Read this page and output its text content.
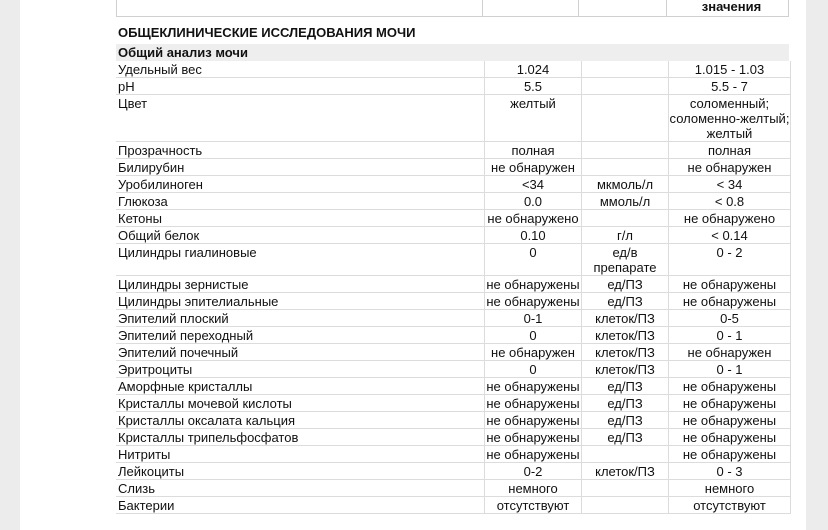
значения
ОБЩЕКЛИНИЧЕСКИЕ ИССЛЕДОВАНИЯ МОЧИ
Общий анализ мочи
Удельный вес	1.024		1.015 - 1.03
pH	5.5		5.5 - 7
Цвет	желтый		соломенный; соломенно-желтый; желтый
Прозрачность	полная		полная
Билирубин	не обнаружен		не обнаружен
Уробилиноген	<34	мкмоль/л	< 34
Глюкоза	0.0	ммоль/л	< 0.8
Кетоны	не обнаружено		не обнаружено
Общий белок	0.10	г/л	< 0.14
Цилиндры гиалиновые	0	ед/в препарате	0 - 2
Цилиндры зернистые	не обнаружены	ед/ПЗ	не обнаружены
Цилиндры эпителиальные	не обнаружены	ед/ПЗ	не обнаружены
Эпителий плоский	0-1	клеток/ПЗ	0-5
Эпителий переходный	0	клеток/ПЗ	0 - 1
Эпителий почечный	не обнаружен	клеток/ПЗ	не обнаружен
Эритроциты	0	клеток/ПЗ	0 - 1
Аморфные кристаллы	не обнаружены	ед/ПЗ	не обнаружены
Кристаллы мочевой кислоты	не обнаружены	ед/ПЗ	не обнаружены
Кристаллы оксалата кальция	не обнаружены	ед/ПЗ	не обнаружены
Кристаллы трипельфосфатов	не обнаружены	ед/ПЗ	не обнаружены
Нитриты	не обнаружены		не обнаружены
Лейкоциты	0-2	клеток/ПЗ	0 - 3
Слизь	немного		немного
Бактерии	отсутствуют		отсутствуют
